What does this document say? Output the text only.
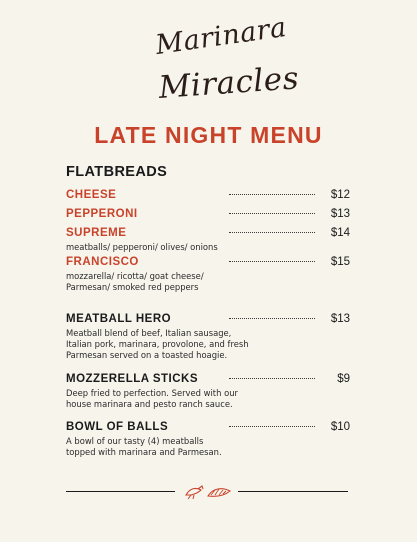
Marinara
Miracles
LATE NIGHT MENU
FLATBREADS
CHEESE	$12
PEPPERONI	$13
SUPREME	$14
meatballs/ pepperoni/ olives/ onions
FRANCISCO	$15
mozzarella/ ricotta/ goat cheese/
Parmesan/ smoked red peppers
MEATBALL HERO	$13
Meatball blend of beef, Italian sausage,
Italian pork, marinara, provolone, and fresh
Parmesan served on a toasted hoagie.
MOZZERELLA STICKS	$9
Deep fried to perfection. Served with our
house marinara and pesto ranch sauce.
BOWL OF BALLS	$10
A bowl of our tasty (4) meatballs
topped with marinara and Parmesan.
